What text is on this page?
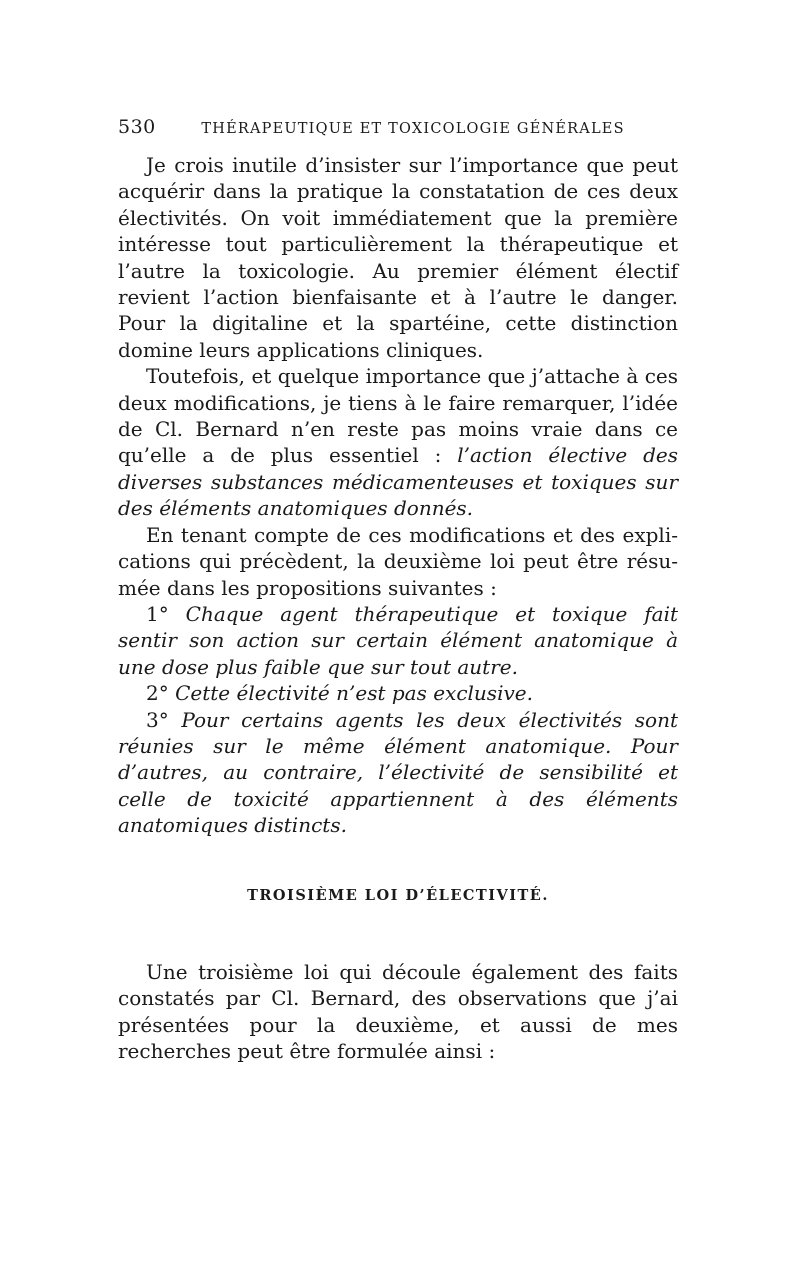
530	THÉRAPEUTIQUE ET TOXICOLOGIE GÉNÉRALES

Je crois inutile d’insister sur l’importance que peut acquérir dans la pratique la constatation de ces deux électivités. On voit immédiatement que la première intéresse tout particulièrement la thérapeutique et l’autre la toxicologie. Au premier élément électif revient l’action bienfaisante et à l’autre le danger. Pour la digitaline et la spartéine, cette distinction domine leurs applications cliniques.

Toutefois, et quelque importance que j’attache à ces deux modifications, je tiens à le faire remarquer, l’idée de Cl. Bernard n’en reste pas moins vraie dans ce qu’elle a de plus essentiel : l’action élective des diverses substances médicamenteuses et toxiques sur des éléments anatomiques donnés.

En tenant compte de ces modifications et des explications qui précèdent, la deuxième loi peut être résumée dans les propositions suivantes :

1° Chaque agent thérapeutique et toxique fait sentir son action sur certain élément anatomique à une dose plus faible que sur tout autre.

2° Cette électivité n’est pas exclusive.

3° Pour certains agents les deux électivités sont réunies sur le même élément anatomique. Pour d’autres, au contraire, l’électivité de sensibilité et celle de toxicité appartiennent à des éléments anatomiques distincts.

TROISIÈME LOI D’ÉLECTIVITÉ.

Une troisième loi qui découle également des faits constatés par Cl. Bernard, des observations que j’ai présentées pour la deuxième, et aussi de mes recherches peut être formulée ainsi :
